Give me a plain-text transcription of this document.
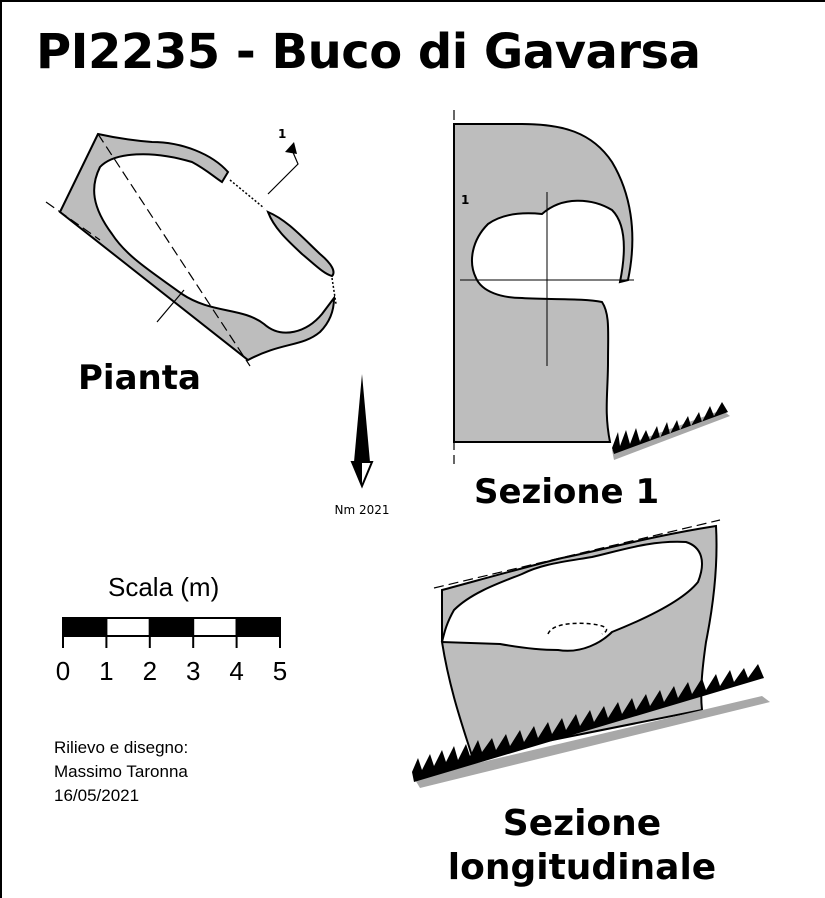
PI2235 - Buco di Gavarsa
1
1
Nm 2021
0 1 2 3 4 5
Pianta
Sezione 1
Sezione longitudinale

Scala (m)

Rilievo e disegno:
Massimo Taronna
16/05/2021
